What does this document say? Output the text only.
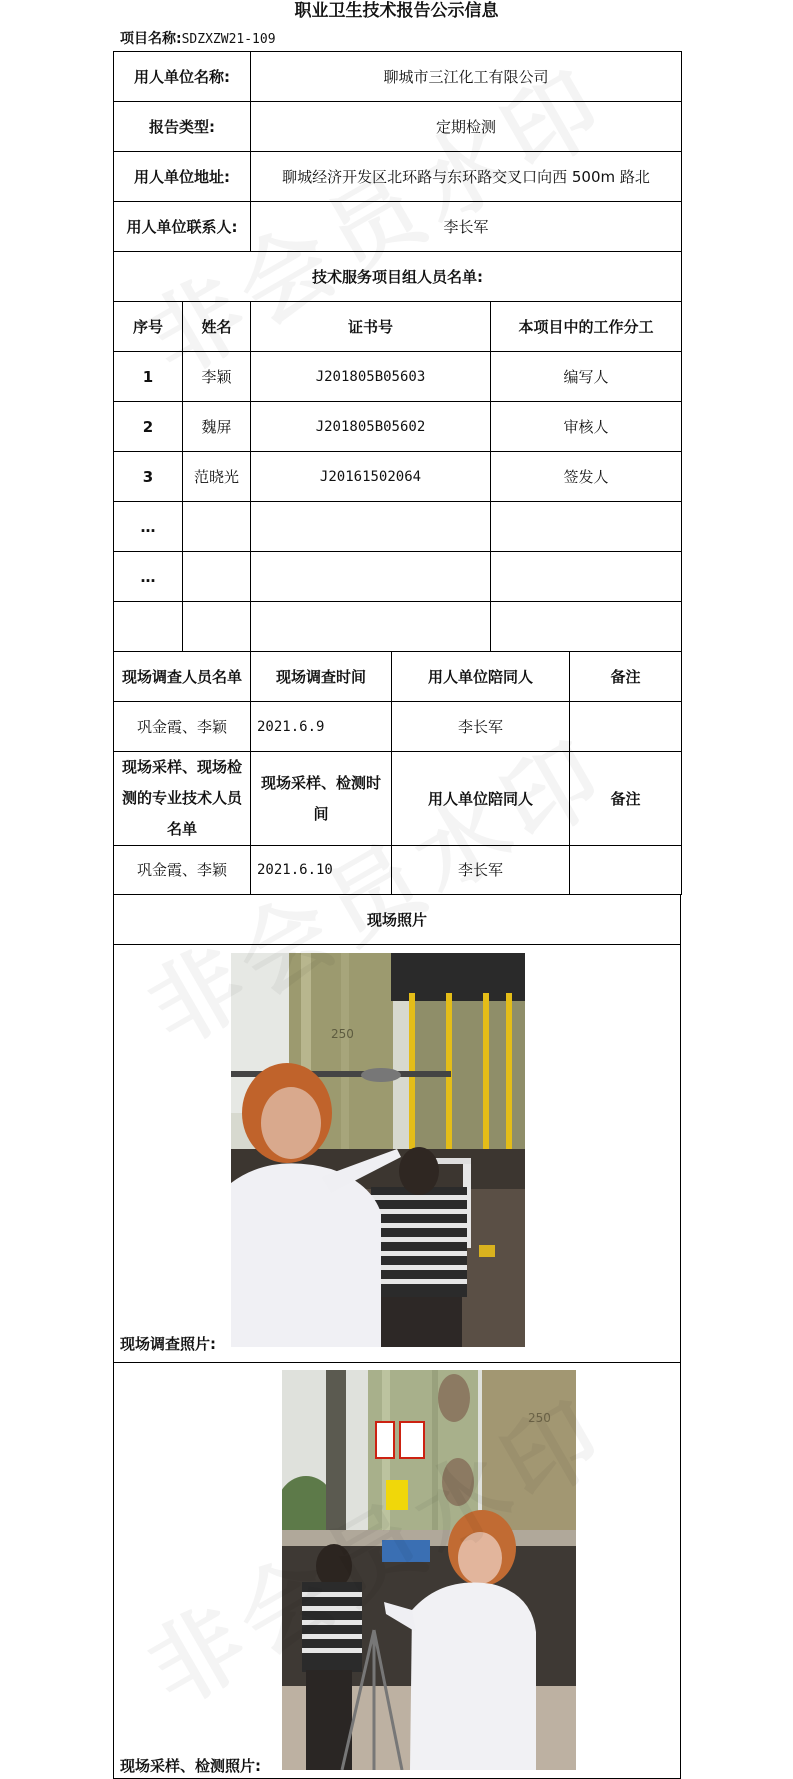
职业卫生技术报告公示信息
项目名称:SDZXZW21-109
用人单位名称:		聊城市三江化工有限公司			
报告类型:		定期检测			
用人单位地址:		聊城经济开发区北环路与东环路交叉口向西 500m 路北			
用人单位联系人:		李长军			
技术服务项目组人员名单:					
序号	姓名	证书号		本项目中的工作分工	
1	李颖	J201805B05603		编写人	
2	魏屏	J201805B05602		审核人	
3	范晓光	J20161502064		签发人	
…					
…					

现场调查人员名单		现场调查时间	用人单位陪同人		备注
巩金霞、李颖		2021.6.9	李长军		
现场采样、现场检测的专业技术人员名单		现场采样、检测时间	用人单位陪同人		备注
巩金霞、李颖		2021.6.10	李长军		
现场照片

现场调查照片:
250

现场采样、检测照片:
250
